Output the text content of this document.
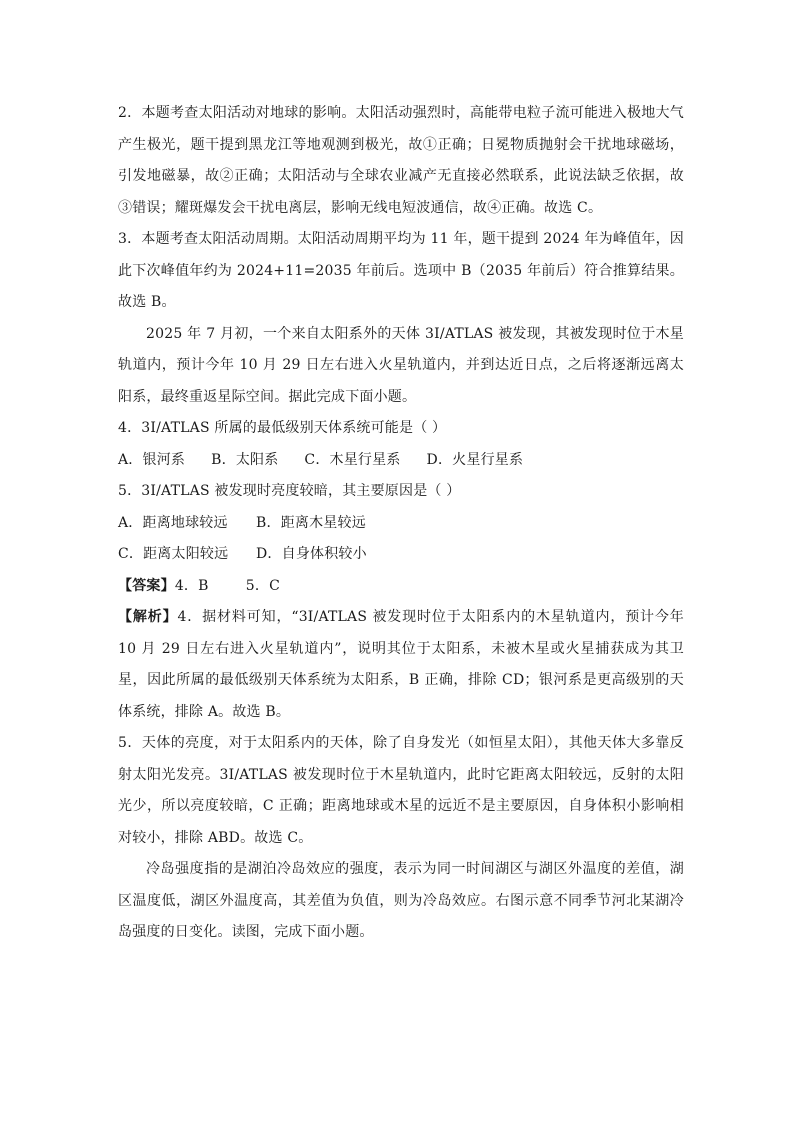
2．本题考查太阳活动对地球的影响。太阳活动强烈时，高能带电粒子流可能进入极地大气产生极光，题干提到黑龙江等地观测到极光，故①正确；日冕物质抛射会干扰地球磁场，引发地磁暴，故②正确；太阳活动与全球农业减产无直接必然联系，此说法缺乏依据，故③错误；耀斑爆发会干扰电离层，影响无线电短波通信，故④正确。故选 C。

3．本题考查太阳活动周期。太阳活动周期平均为 11 年，题干提到 2024 年为峰值年，因此下次峰值年约为 2024+11=2035 年前后。选项中 B（2035 年前后）符合推算结果。故选 B。

2025 年 7 月初，一个来自太阳系外的天体 3I/ATLAS 被发现，其被发现时位于木星轨道内，预计今年 10 月 29 日左右进入火星轨道内，并到达近日点，之后将逐渐远离太阳系，最终重返星际空间。据此完成下面小题。

4．3I/ATLAS 所属的最低级别天体系统可能是（ ）

A．银河系 B．太阳系 C．木星行星系 D．火星行星系

5．3I/ATLAS 被发现时亮度较暗，其主要原因是（ ）

A．距离地球较远 B．距离木星较远

C．距离太阳较远 D．自身体积较小

【答案】4．B        5．C

【解析】4．据材料可知，“3I/ATLAS 被发现时位于太阳系内的木星轨道内，预计今年 10 月 29 日左右进入火星轨道内”，说明其位于太阳系，未被木星或火星捕获成为其卫星，因此所属的最低级别天体系统为太阳系，B 正确，排除 CD；银河系是更高级别的天体系统，排除 A。故选 B。

5．天体的亮度，对于太阳系内的天体，除了自身发光（如恒星太阳），其他天体大多靠反射太阳光发亮。3I/ATLAS 被发现时位于木星轨道内，此时它距离太阳较远，反射的太阳光少，所以亮度较暗，C 正确；距离地球或木星的远近不是主要原因，自身体积小影响相对较小，排除 ABD。故选 C。

冷岛强度指的是湖泊冷岛效应的强度，表示为同一时间湖区与湖区外温度的差值，湖区温度低，湖区外温度高，其差值为负值，则为冷岛效应。右图示意不同季节河北某湖冷岛强度的日变化。读图，完成下面小题。
